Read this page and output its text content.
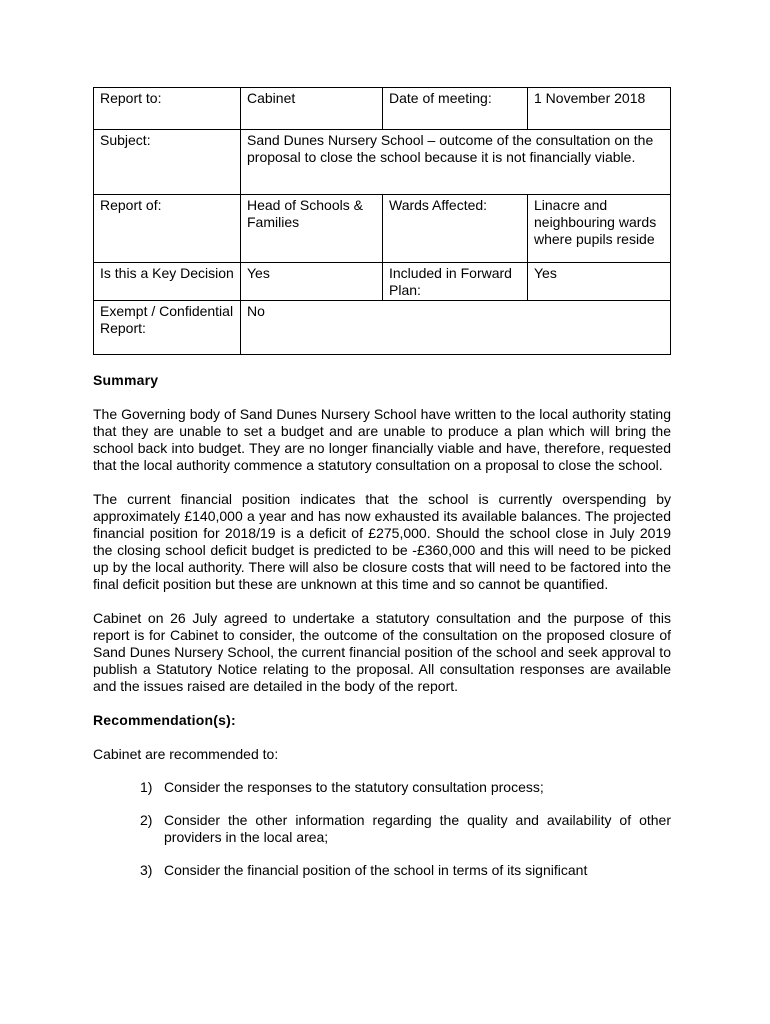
Report to:	Cabinet	Date of meeting:	1 November 2018
Subject:	Sand Dunes Nursery School – outcome of the consultation on the proposal to close the school because it is not financially viable.		
Report of:	Head of Schools & Families	Wards Affected:	Linacre and neighbouring wards where pupils reside
Is this a Key Decision	Yes	Included in Forward Plan:	Yes
Exempt / Confidential Report:	No		

Summary

The Governing body of Sand Dunes Nursery School have written to the local authority stating that they are unable to set a budget and are unable to produce a plan which will bring the school back into budget. They are no longer financially viable and have, therefore, requested that the local authority commence a statutory consultation on a proposal to close the school.

The current financial position indicates that the school is currently overspending by approximately £140,000 a year and has now exhausted its available balances. The projected financial position for 2018/19 is a deficit of £275,000. Should the school close in July 2019 the closing school deficit budget is predicted to be -£360,000 and this will need to be picked up by the local authority. There will also be closure costs that will need to be factored into the final deficit position but these are unknown at this time and so cannot be quantified.

Cabinet on 26 July agreed to undertake a statutory consultation and the purpose of this report is for Cabinet to consider, the outcome of the consultation on the proposed closure of Sand Dunes Nursery School, the current financial position of the school and seek approval to publish a Statutory Notice relating to the proposal. All consultation responses are available and the issues raised are detailed in the body of the report.

Recommendation(s):

Cabinet are recommended to:

1) Consider the responses to the statutory consultation process;
2) Consider the other information regarding the quality and availability of other providers in the local area;
3) Consider the financial position of the school in terms of its significant
